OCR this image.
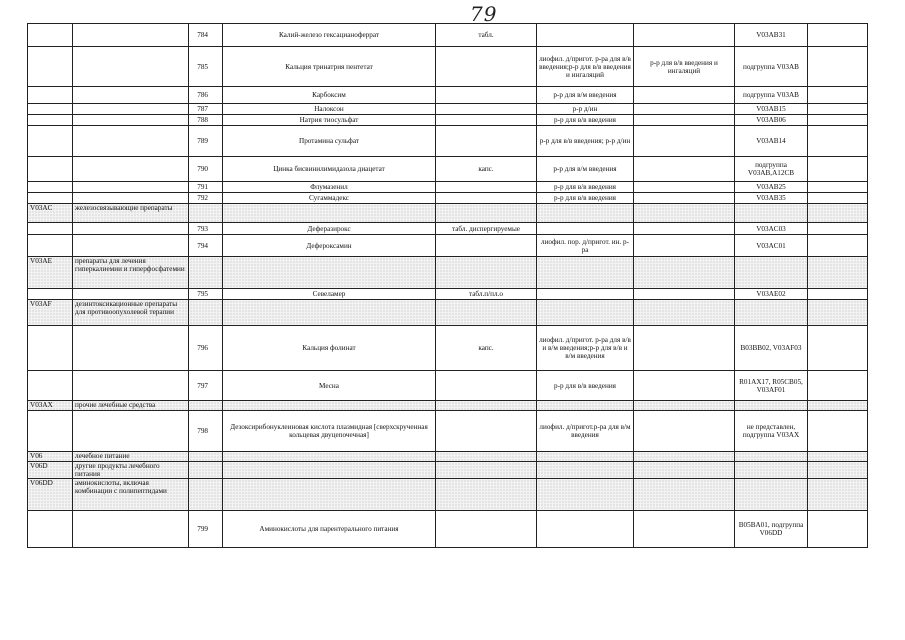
79
		784	Калий-железо гексацианоферрат	табл.			V03AB31	
		785	Кальция тринатрия пентетат		лиофил. д/пригот. р-ра для в/в введения;р-р для в/в введения и ингаляций	р-р для в/в введения и ингаляций	подгруппа V03AB	
		786	Карбоксим		р-р для в/м введения		подгруппа V03AB	
		787	Налоксон		р-р д/ин		V03AB15	
		788	Натрия тиосульфат		р-р для в/в введения		V03AB06	
		789	Протамина сульфат		р-р для в/в введения; р-р д/ин		V03AB14	
		790	Цинка бисвинилимидазола диацетат	капс.	р-р для в/м введения		подгруппа V03AB,A12CB	
		791	Флумазенил		р-р для в/в введения		V03AB25	
		792	Сугаммадекс		р-р для в/в введения		V03AB35	
V03AC	железосвязывающие препараты							
		793	Деферазирокс	табл. диспергируемые			V03AC03	
		794	Дефероксамин		лиофил. пор. д/пригот. ин. р-ра		V03AC01	
V03AE	препараты для лечения гиперкалиемии и гиперфосфатемии							
		795	Севеламер	табл.п/пл.о			V03AE02	
V03AF	дезинтоксикационные препараты для противоопухолевой терапии							
		796	Кальция фолинат	капс.	лиофил. д/пригот. р-ра для в/в и в/м введения;р-р для в/в и в/м введения		B03BB02, V03AF03	
		797	Месна		р-р для в/в введения		R01AX17, R05CB05, V03AF01	
V03AX	прочие лечебные средства							
		798	Дезоксирибонуклеиновая кислота плазмидная [сверхскрученная кольцевая двуцепочечная]		лиофил. д/пригот.р-ра для в/м введения		не представлен, подгруппа V03AX	
V06	лечебное питание							
V06D	другие продукты лечебного питания							
V06DD	аминокислоты, включая комбинации с полипептидами							
		799	Аминокислоты для парентерального питания				B05BA01, подгруппа V06DD	
